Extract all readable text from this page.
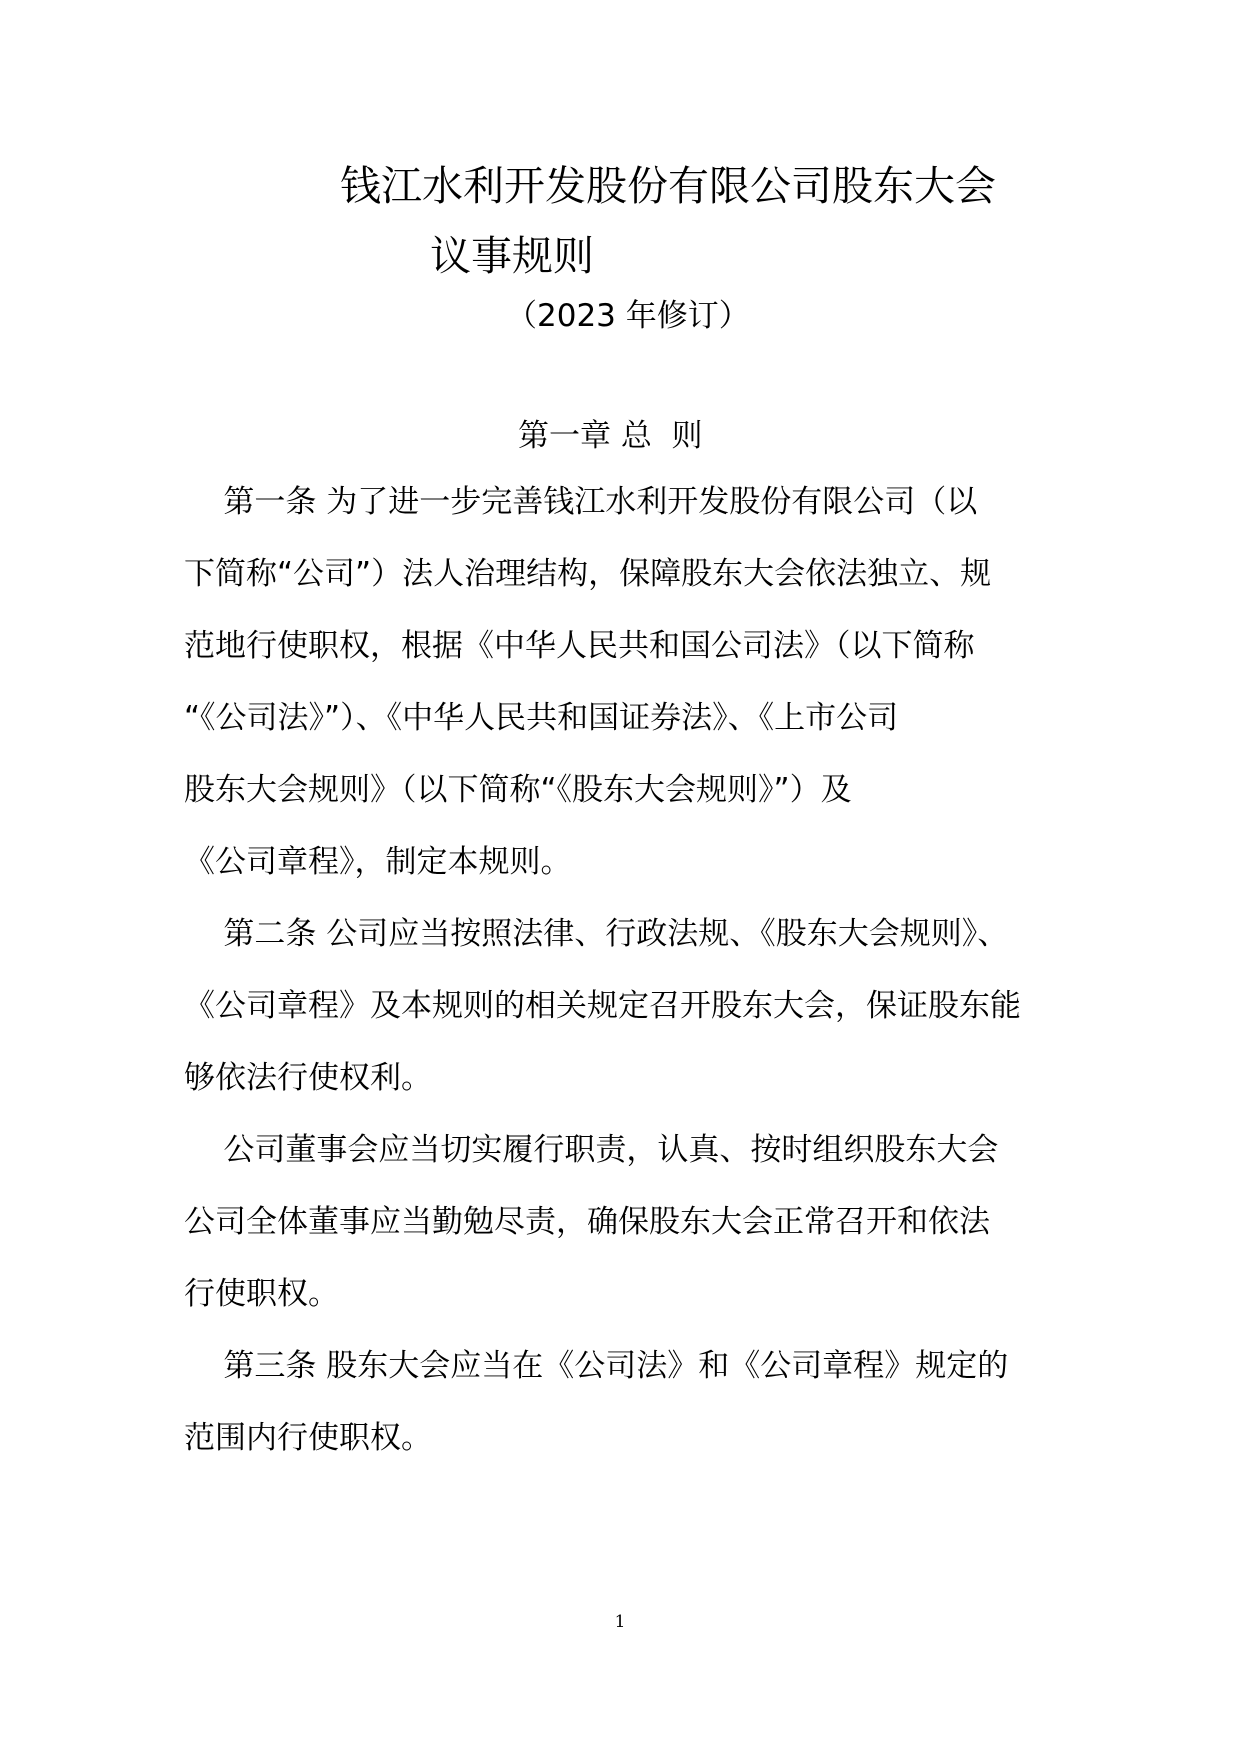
钱江水利开发股份有限公司股东大会
议事规则
（2023 年修订）
第一章 总  则
第一条 为了进一步完善钱江水利开发股份有限公司（以
下简称“公司”）法人治理结构，保障股东大会依法独立、规
范地行使职权，根据《中华人民共和国公司法》（以下简称
“《公司法》”）、《中华人民共和国证券法》、《上市公司
股东大会规则》（以下简称“《股东大会规则》”）及
《公司章程》，制定本规则。
第二条 公司应当按照法律、行政法规、《股东大会规则》、
《公司章程》及本规则的相关规定召开股东大会，保证股东能
够依法行使权利。
公司董事会应当切实履行职责，认真、按时组织股东大会
公司全体董事应当勤勉尽责，确保股东大会正常召开和依法
行使职权。
第三条 股东大会应当在《公司法》和《公司章程》规定的
范围内行使职权。
1
